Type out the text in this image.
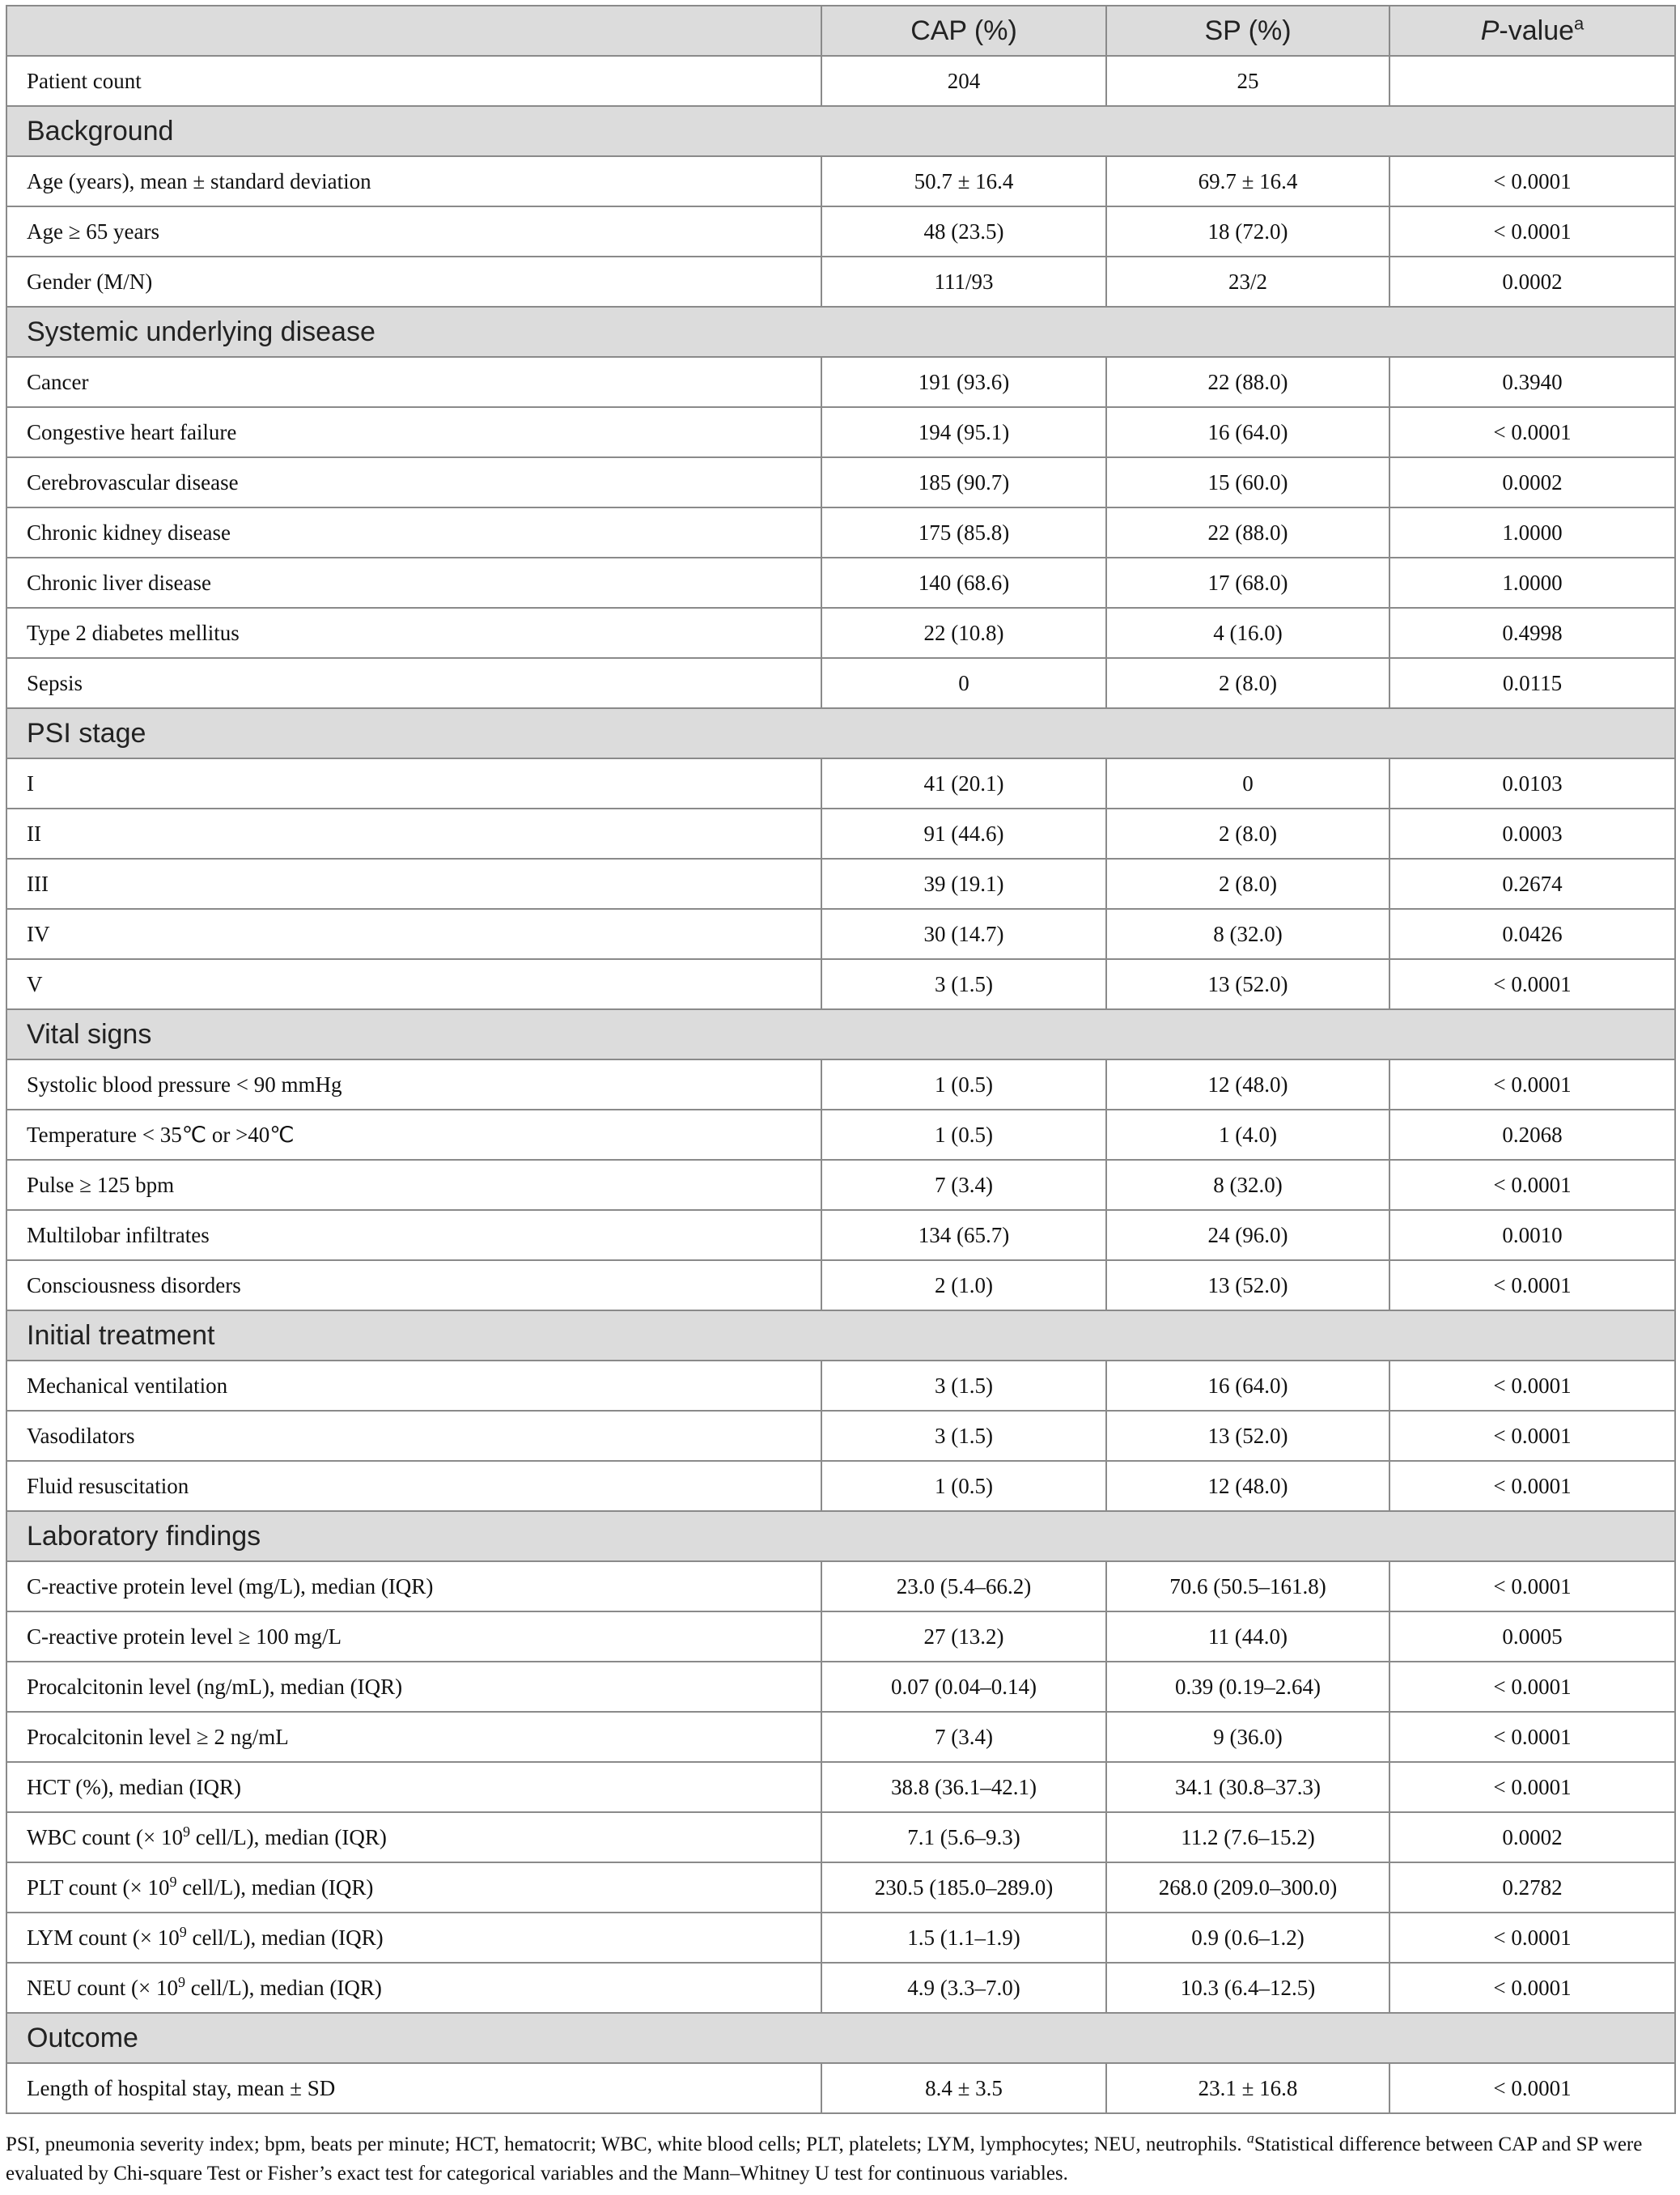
	CAP (%)	SP (%)	P-value$^a$
Patient count	204	25	
Background			
Age (years), mean ± standard deviation	50.7 ± 16.4	69.7 ± 16.4	< 0.0001
Age ≥ 65 years	48 (23.5)	18 (72.0)	< 0.0001
Gender (M/N)	111/93	23/2	0.0002
Systemic underlying disease			
Cancer	191 (93.6)	22 (88.0)	0.3940
Congestive heart failure	194 (95.1)	16 (64.0)	< 0.0001
Cerebrovascular disease	185 (90.7)	15 (60.0)	0.0002
Chronic kidney disease	175 (85.8)	22 (88.0)	1.0000
Chronic liver disease	140 (68.6)	17 (68.0)	1.0000
Type 2 diabetes mellitus	22 (10.8)	4 (16.0)	0.4998
Sepsis	0	2 (8.0)	0.0115
PSI stage			
I	41 (20.1)	0	0.0103
II	91 (44.6)	2 (8.0)	0.0003
III	39 (19.1)	2 (8.0)	0.2674
IV	30 (14.7)	8 (32.0)	0.0426
V	3 (1.5)	13 (52.0)	< 0.0001
Vital signs			
Systolic blood pressure < 90 mmHg	1 (0.5)	12 (48.0)	< 0.0001
Temperature < 35℃ or >40℃	1 (0.5)	1 (4.0)	0.2068
Pulse ≥ 125 bpm	7 (3.4)	8 (32.0)	< 0.0001
Multilobar infiltrates	134 (65.7)	24 (96.0)	0.0010
Consciousness disorders	2 (1.0)	13 (52.0)	< 0.0001
Initial treatment			
Mechanical ventilation	3 (1.5)	16 (64.0)	< 0.0001
Vasodilators	3 (1.5)	13 (52.0)	< 0.0001
Fluid resuscitation	1 (0.5)	12 (48.0)	< 0.0001
Laboratory findings			
C-reactive protein level (mg/L), median (IQR)	23.0 (5.4–66.2)	70.6 (50.5–161.8)	< 0.0001
C-reactive protein level ≥ 100 mg/L	27 (13.2)	11 (44.0)	0.0005
Procalcitonin level (ng/mL), median (IQR)	0.07 (0.04–0.14)	0.39 (0.19–2.64)	< 0.0001
Procalcitonin level ≥ 2 ng/mL	7 (3.4)	9 (36.0)	< 0.0001
HCT (%), median (IQR)	38.8 (36.1–42.1)	34.1 (30.8–37.3)	< 0.0001
WBC count (× $10^9$ cell/L), median (IQR)	7.1 (5.6–9.3)	11.2 (7.6–15.2)	0.0002
PLT count (× $10^9$ cell/L), median (IQR)	230.5 (185.0–289.0)	268.0 (209.0–300.0)	0.2782
LYM count (× $10^9$ cell/L), median (IQR)	1.5 (1.1–1.9)	0.9 (0.6–1.2)	< 0.0001
NEU count (× $10^9$ cell/L), median (IQR)	4.9 (3.3–7.0)	10.3 (6.4–12.5)	< 0.0001
Outcome			
Length of hospital stay, mean ± SD	8.4 ± 3.5	23.1 ± 16.8	< 0.0001

PSI, pneumonia severity index; bpm, beats per minute; HCT, hematocrit; WBC, white blood cells; PLT, platelets; LYM, lymphocytes; NEU, neutrophils. $^a$Statistical difference between CAP and SP were evaluated by Chi-square Test or Fisher’s exact test for categorical variables and the Mann–Whitney U test for continuous variables.
